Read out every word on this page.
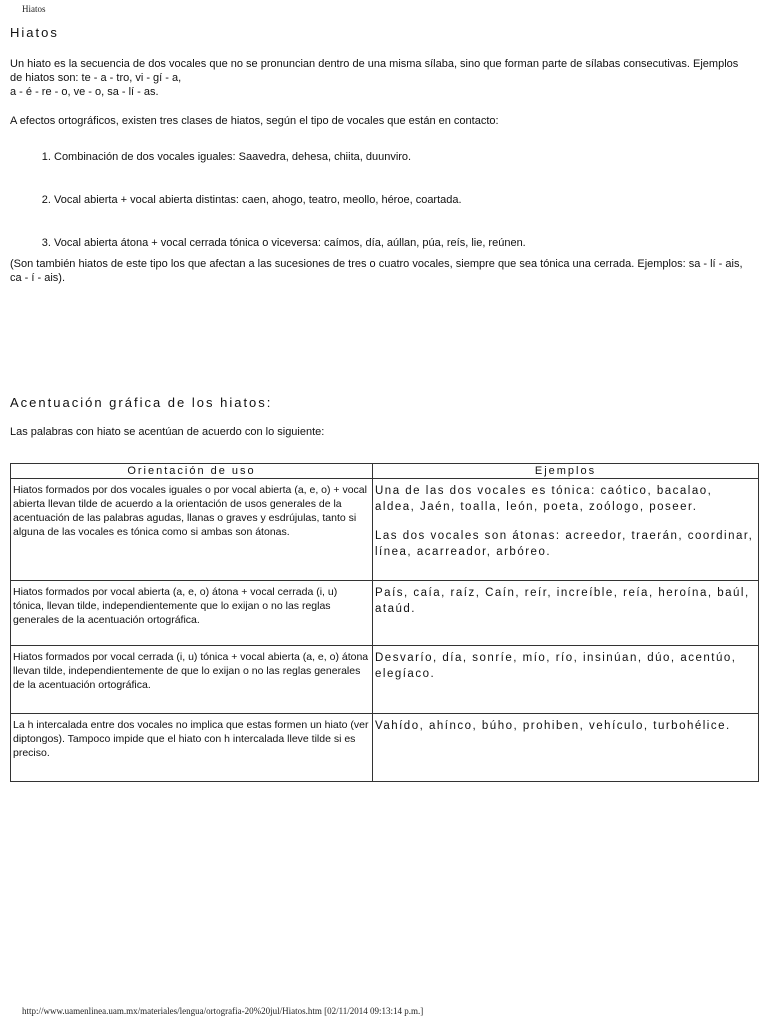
Hiatos
Hiatos

Un hiato es la secuencia de dos vocales que no se pronuncian dentro de una misma sílaba, sino que forman parte de sílabas consecutivas. Ejemplos
de hiatos son: te - a - tro, vi - gí - a,
a - é - re - o, ve - o, sa - lí - as.

A efectos ortográficos, existen tres clases de hiatos, según el tipo de vocales que están en contacto:

1. Combinación de dos vocales iguales: Saavedra, dehesa, chiita, duunviro.
2. Vocal abierta + vocal abierta distintas: caen, ahogo, teatro, meollo, héroe, coartada.
3. Vocal abierta átona + vocal cerrada tónica o viceversa: caímos, día, aúllan, púa, reís, lie, reúnen.

(Son también hiatos de este tipo los que afectan a las sucesiones de tres o cuatro vocales, siempre que sea tónica una cerrada. Ejemplos: sa - lí - ais, ca - í - ais).

Acentuación gráfica de los hiatos:

Las palabras con hiato se acentúan de acuerdo con lo siguiente:

Orientación de uso	Ejemplos
Hiatos formados por dos vocales iguales o por vocal abierta (a, e, o) + vocal abierta llevan tilde de acuerdo a la orientación de usos generales de la acentuación de las palabras agudas, llanas o graves y esdrújulas, tanto si alguna de las vocales es tónica como si ambas son átonas.	Una de las dos vocales es tónica: caótico, bacalao, aldea, Jaén, toalla, león, poeta, zoólogo, poseer.
Las dos vocales son átonas: acreedor, traerán, coordinar, línea, acarreador, arbóreo.

Hiatos formados por vocal abierta (a, e, o) átona + vocal cerrada (i, u) tónica, llevan tilde, independientemente que lo exijan o no las reglas generales de la acentuación ortográfica.	País, caía, raíz, Caín, reír, increíble, reía, heroína, baúl, ataúd.
Hiatos formados por vocal cerrada (i, u) tónica + vocal abierta (a, e, o) átona llevan tilde, independientemente de que lo exijan o no las reglas generales de la acentuación ortográfica.	Desvarío, día, sonríe, mío, río, insinúan, dúo, acentúo, elegíaco.
La h intercalada entre dos vocales no implica que estas formen un hiato (ver diptongos). Tampoco impide que el hiato con h intercalada lleve tilde si es preciso.	Vahído, ahínco, búho, prohiben, vehículo, turbohélice.
http://www.uamenlinea.uam.mx/materiales/lengua/ortografia-20%20jul/Hiatos.htm [02/11/2014 09:13:14 p.m.]
